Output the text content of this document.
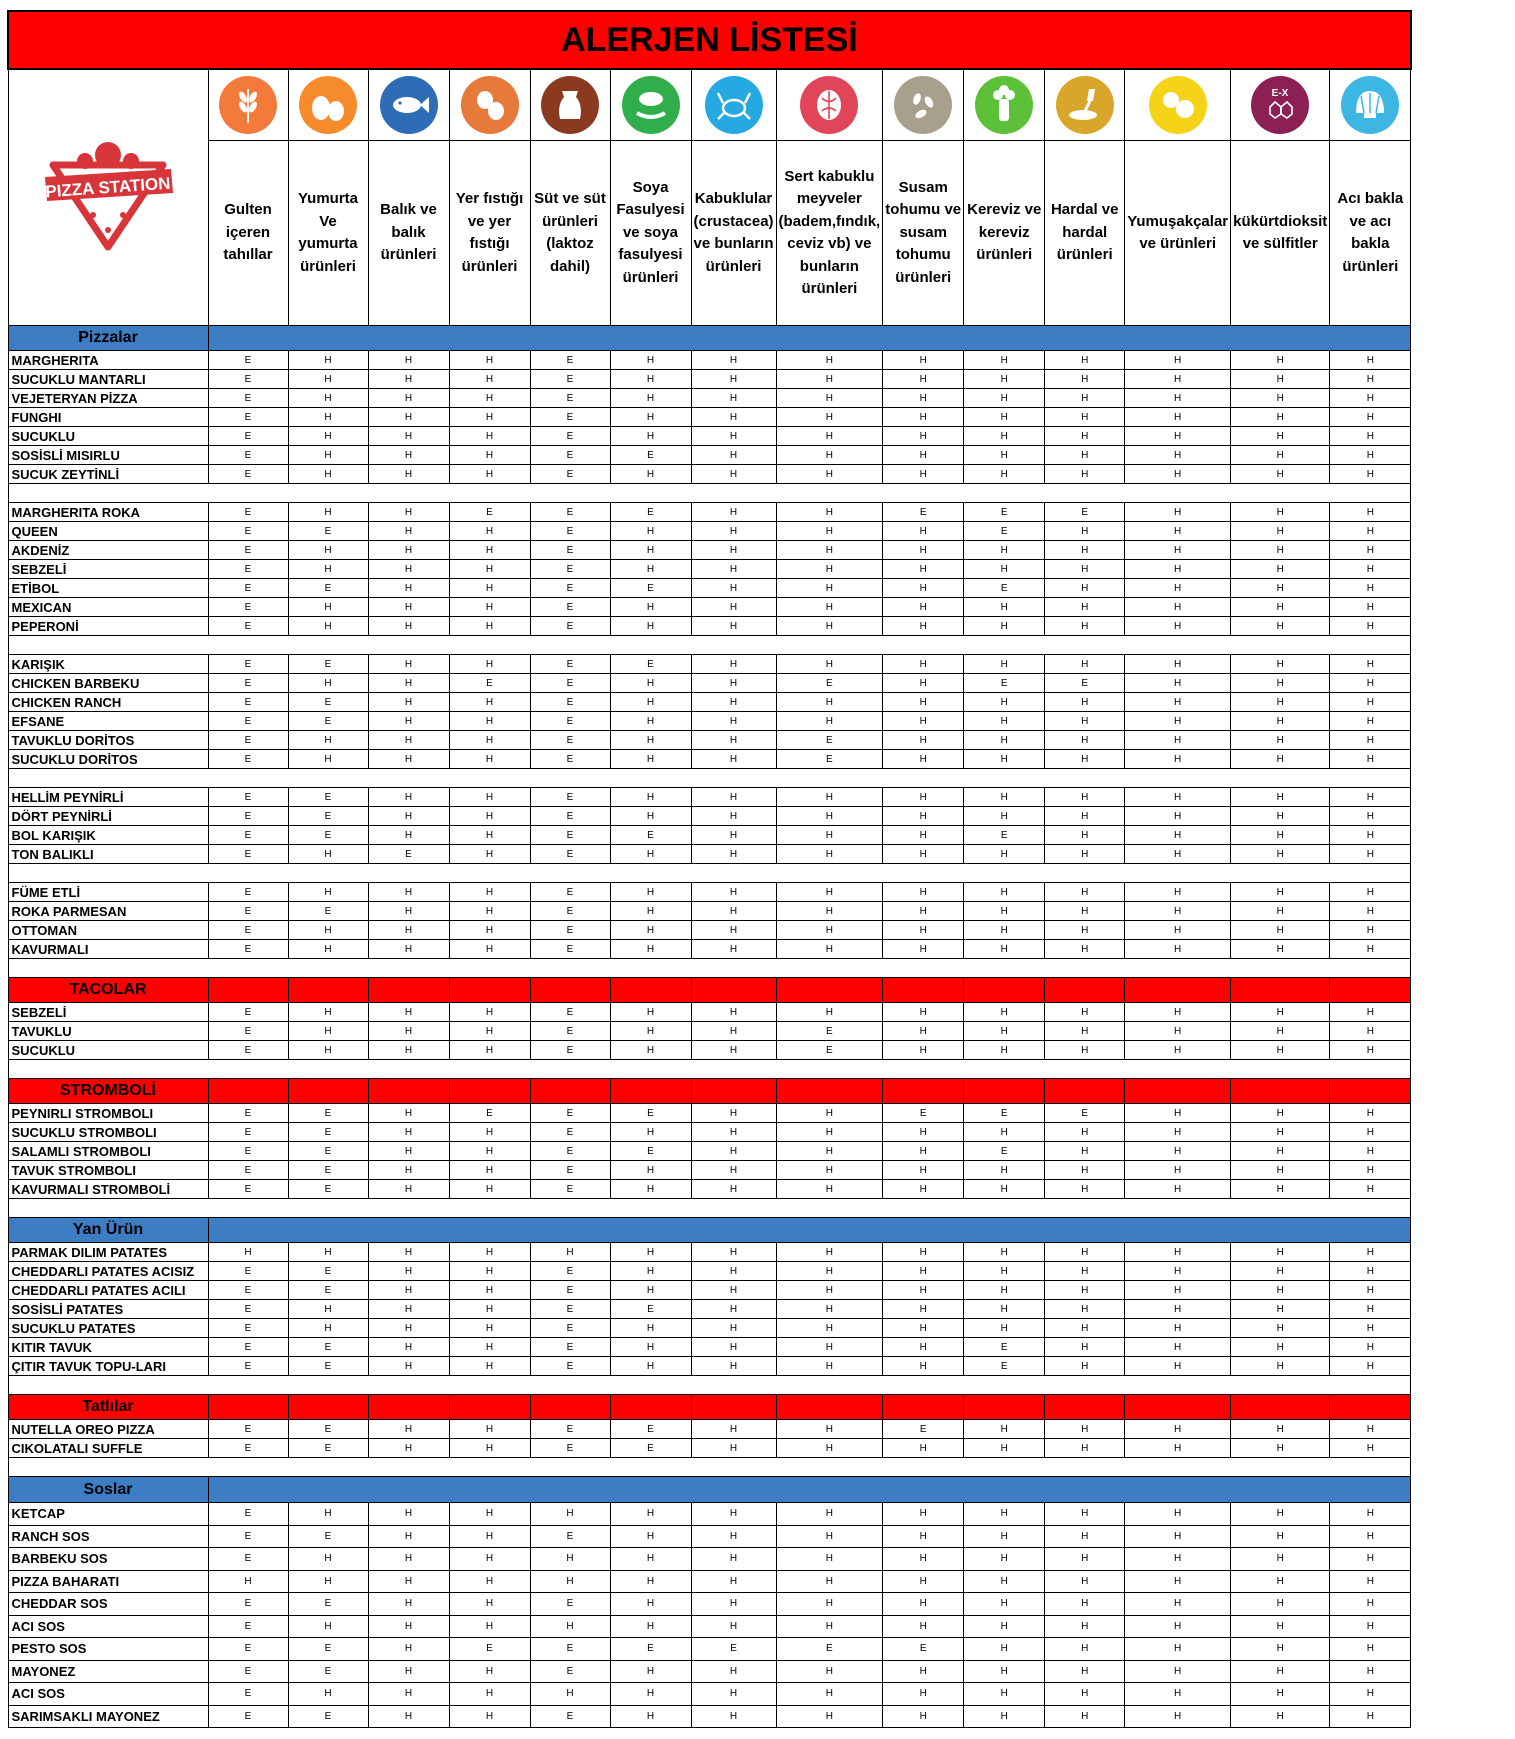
ALERJEN LİSTESİ														

PIZZA STATION													E-X

	Gulten içeren tahıllar	Yumurta Ve yumurta ürünleri	Balık ve balık ürünleri	Yer fıstığı ve yer fıstığı ürünleri	Süt ve süt ürünleri (laktoz dahil)	Soya Fasulyesi ve soya fasulyesi ürünleri	Kabuklular (crustacea) ve bunların ürünleri	Sert kabuklu meyveler (badem,fındık, ceviz vb) ve bunların ürünleri	Susam tohumu ve susam tohumu ürünleri	Kereviz ve kereviz ürünleri	Hardal ve hardal ürünleri	Yumuşakçalar ve ürünleri	kükürtdioksit ve sülfitler	Acı bakla ve acı bakla ürünleri
Pizzalar														
MARGHERITA	E	H	H	H	E	H	H	H	H	H	H	H	H	H
SUCUKLU MANTARLI	E	H	H	H	E	H	H	H	H	H	H	H	H	H
VEJETERYAN PİZZA	E	H	H	H	E	H	H	H	H	H	H	H	H	H
FUNGHI	E	H	H	H	E	H	H	H	H	H	H	H	H	H
SUCUKLU	E	H	H	H	E	H	H	H	H	H	H	H	H	H
SOSİSLİ MISIRLU	E	H	H	H	E	E	H	H	H	H	H	H	H	H
SUCUK ZEYTİNLİ	E	H	H	H	E	H	H	H	H	H	H	H	H	H

MARGHERITA ROKA	E	H	H	E	E	E	H	H	E	E	E	H	H	H
QUEEN	E	E	H	H	E	H	H	H	H	E	H	H	H	H
AKDENİZ	E	H	H	H	E	H	H	H	H	H	H	H	H	H
SEBZELİ	E	H	H	H	E	H	H	H	H	H	H	H	H	H
ETİBOL	E	E	H	H	E	E	H	H	H	E	H	H	H	H
MEXICAN	E	H	H	H	E	H	H	H	H	H	H	H	H	H
PEPERONİ	E	H	H	H	E	H	H	H	H	H	H	H	H	H

KARIŞIK	E	E	H	H	E	E	H	H	H	H	H	H	H	H
CHICKEN BARBEKU	E	H	H	E	E	H	H	E	H	E	E	H	H	H
CHICKEN RANCH	E	E	H	H	E	H	H	H	H	H	H	H	H	H
EFSANE	E	E	H	H	E	H	H	H	H	H	H	H	H	H
TAVUKLU DORİTOS	E	H	H	H	E	H	H	E	H	H	H	H	H	H
SUCUKLU DORİTOS	E	H	H	H	E	H	H	E	H	H	H	H	H	H

HELLİM PEYNİRLİ	E	E	H	H	E	H	H	H	H	H	H	H	H	H
DÖRT PEYNİRLİ	E	E	H	H	E	H	H	H	H	H	H	H	H	H
BOL KARIŞIK	E	E	H	H	E	E	H	H	H	E	H	H	H	H
TON BALIKLI	E	H	E	H	E	H	H	H	H	H	H	H	H	H

FÜME ETLİ	E	H	H	H	E	H	H	H	H	H	H	H	H	H
ROKA PARMESAN	E	E	H	H	E	H	H	H	H	H	H	H	H	H
OTTOMAN	E	H	H	H	E	H	H	H	H	H	H	H	H	H
KAVURMALI	E	H	H	H	E	H	H	H	H	H	H	H	H	H

TACOLAR														
SEBZELİ	E	H	H	H	E	H	H	H	H	H	H	H	H	H
TAVUKLU	E	H	H	H	E	H	H	E	H	H	H	H	H	H
SUCUKLU	E	H	H	H	E	H	H	E	H	H	H	H	H	H

STROMBOLİ														
PEYNIRLI STROMBOLI	E	E	H	E	E	E	H	H	E	E	E	H	H	H
SUCUKLU STROMBOLI	E	E	H	H	E	H	H	H	H	H	H	H	H	H
SALAMLI STROMBOLI	E	E	H	H	E	E	H	H	H	E	H	H	H	H
TAVUK STROMBOLI	E	E	H	H	E	H	H	H	H	H	H	H	H	H
KAVURMALI STROMBOLİ	E	E	H	H	E	H	H	H	H	H	H	H	H	H

Yan Ürün														
PARMAK DILIM PATATES	H	H	H	H	H	H	H	H	H	H	H	H	H	H
CHEDDARLI PATATES ACISIZ	E	E	H	H	E	H	H	H	H	H	H	H	H	H
CHEDDARLI PATATES ACILI	E	E	H	H	E	H	H	H	H	H	H	H	H	H
SOSİSLİ PATATES	E	H	H	H	E	E	H	H	H	H	H	H	H	H
SUCUKLU PATATES	E	H	H	H	E	H	H	H	H	H	H	H	H	H
KITIR TAVUK	E	E	H	H	E	H	H	H	H	E	H	H	H	H
ÇITIR TAVUK TOPU-LARI	E	E	H	H	E	H	H	H	H	E	H	H	H	H

Tatlılar														
NUTELLA OREO PIZZA	E	E	H	H	E	E	H	H	E	H	H	H	H	H
CIKOLATALI SUFFLE	E	E	H	H	E	E	H	H	H	H	H	H	H	H

Soslar														
KETCAP	E	H	H	H	H	H	H	H	H	H	H	H	H	H
RANCH SOS	E	E	H	H	E	H	H	H	H	H	H	H	H	H
BARBEKU SOS	E	H	H	H	H	H	H	H	H	H	H	H	H	H
PIZZA BAHARATI	H	H	H	H	H	H	H	H	H	H	H	H	H	H
CHEDDAR SOS	E	E	H	H	E	H	H	H	H	H	H	H	H	H
ACI SOS	E	H	H	H	H	H	H	H	H	H	H	H	H	H
PESTO SOS	E	E	H	E	E	E	E	E	E	H	H	H	H	H
MAYONEZ	E	E	H	H	E	H	H	H	H	H	H	H	H	H
ACI SOS	E	H	H	H	H	H	H	H	H	H	H	H	H	H
SARIMSAKLI MAYONEZ	E	E	H	H	E	H	H	H	H	H	H	H	H	H
